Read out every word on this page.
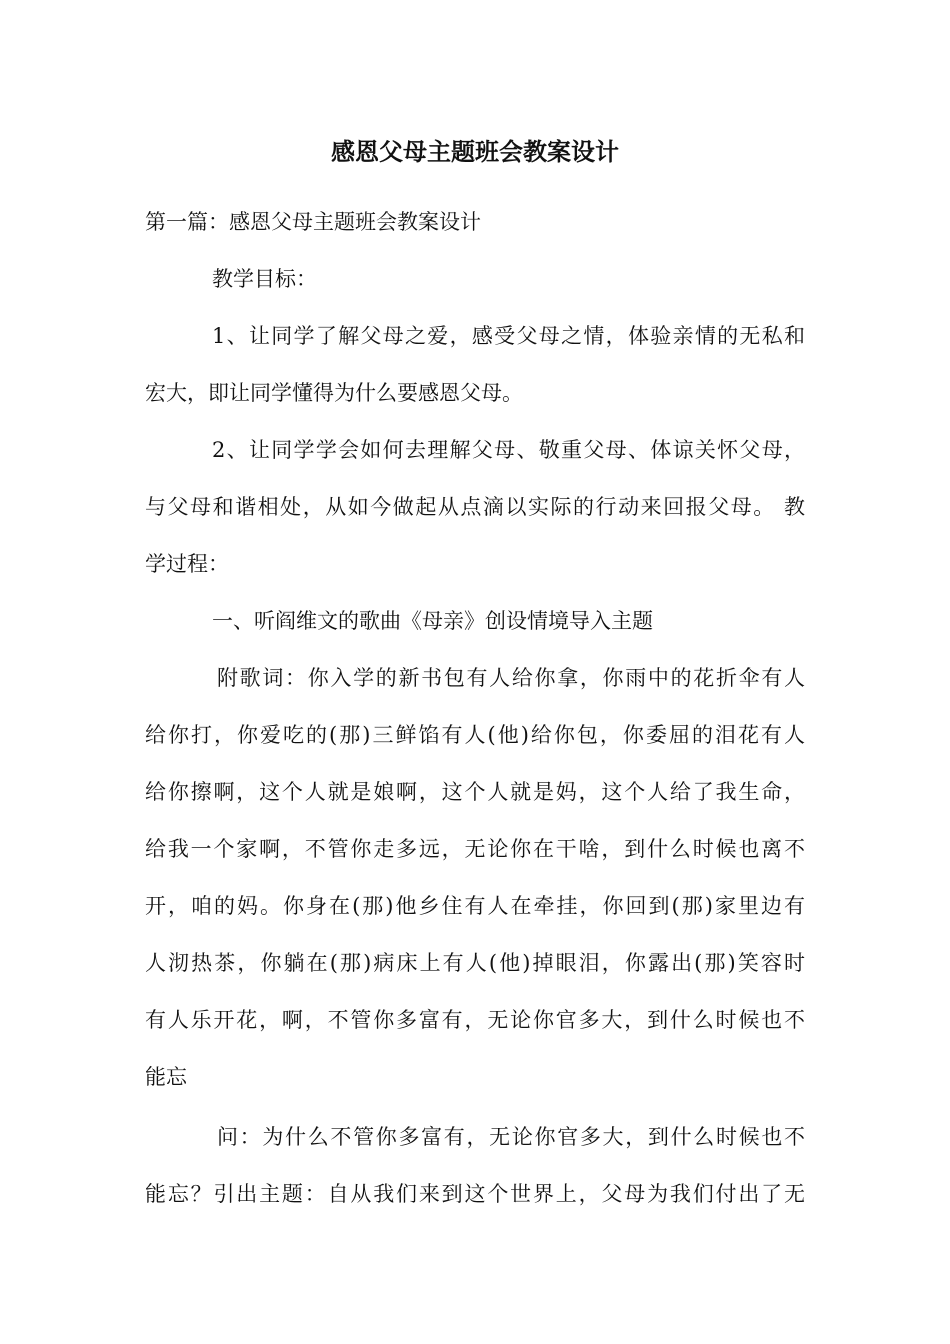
感恩父母主题班会教案设计
第一篇：感恩父母主题班会教案设计
教学目标：
1、让同学了解父母之爱，感受父母之情，体验亲情的无私和
宏大，即让同学懂得为什么要感恩父母。
2、让同学学会如何去理解父母、敬重父母、体谅关怀父母，
与父母和谐相处，从如今做起从点滴以实际的行动来回报父母。 教
学过程：
一、听阎维文的歌曲《母亲》创设情境导入主题
附歌词：你入学的新书包有人给你拿，你雨中的花折伞有人
给你打，你爱吃的(那)三鲜馅有人(他)给你包，你委屈的泪花有人
给你擦啊，这个人就是娘啊，这个人就是妈，这个人给了我生命，
给我一个家啊，不管你走多远，无论你在干啥，到什么时候也离不
开，咱的妈。你身在(那)他乡住有人在牵挂，你回到(那)家里边有
人沏热茶，你躺在(那)病床上有人(他)掉眼泪，你露出(那)笑容时
有人乐开花，啊，不管你多富有，无论你官多大，到什么时候也不
能忘
问：为什么不管你多富有，无论你官多大，到什么时候也不
能忘？引出主题：自从我们来到这个世界上，父母为我们付出了无
